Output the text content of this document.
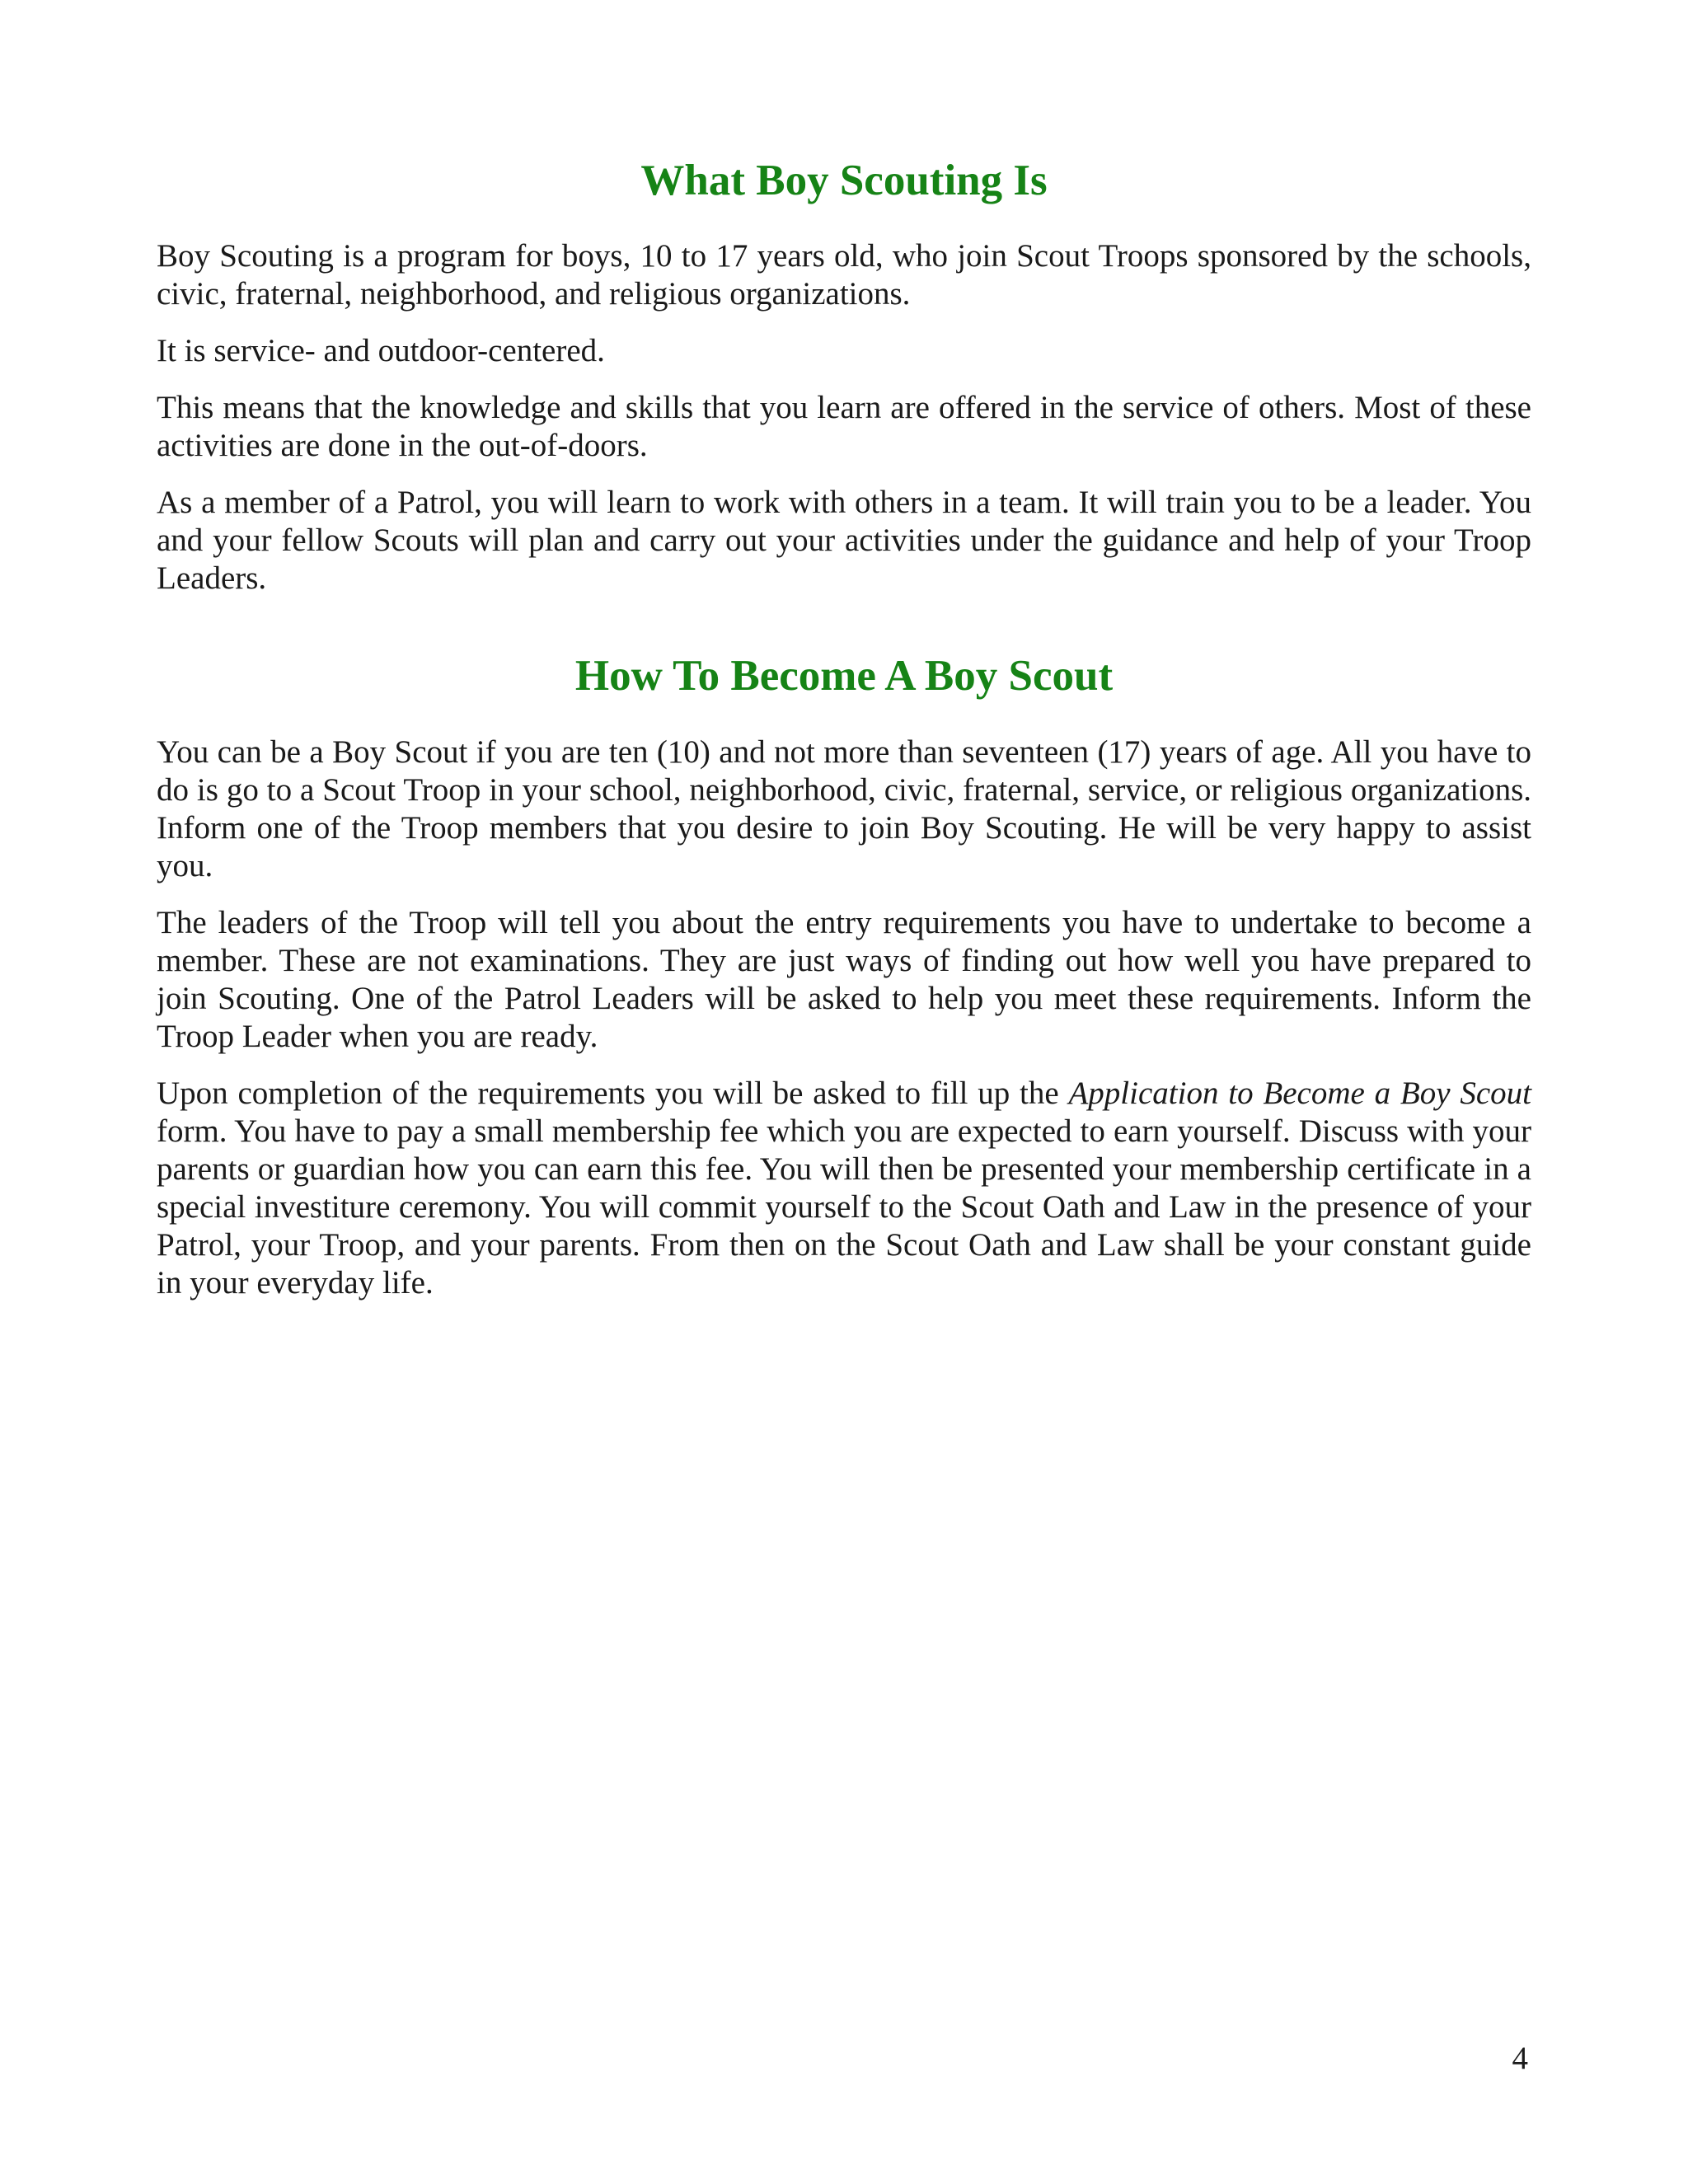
What Boy Scouting Is

Boy Scouting is a program for boys, 10 to 17 years old, who join Scout Troops sponsored by the schools, civic, fraternal, neighborhood, and religious organizations.

It is service- and outdoor-centered.

This means that the knowledge and skills that you learn are offered in the service of others. Most of these activities are done in the out-of-doors.

As a member of a Patrol, you will learn to work with others in a team. It will train you to be a leader. You and your fellow Scouts will plan and carry out your activities under the guidance and help of your Troop Leaders.

How To Become A Boy Scout

You can be a Boy Scout if you are ten (10) and not more than seventeen (17) years of age. All you have to do is go to a Scout Troop in your school, neighborhood, civic, fraternal, service, or religious organizations. Inform one of the Troop members that you desire to join Boy Scouting. He will be very happy to assist you.

The leaders of the Troop will tell you about the entry requirements you have to undertake to become a member. These are not examinations. They are just ways of finding out how well you have prepared to join Scouting. One of the Patrol Leaders will be asked to help you meet these requirements. Inform the Troop Leader when you are ready.

Upon completion of the requirements you will be asked to fill up the Application to Become a Boy Scout form. You have to pay a small membership fee which you are expected to earn yourself. Discuss with your parents or guardian how you can earn this fee. You will then be presented your membership certificate in a special investiture ceremony. You will commit yourself to the Scout Oath and Law in the presence of your Patrol, your Troop, and your parents. From then on the Scout Oath and Law shall be your constant guide in your everyday life.

4
